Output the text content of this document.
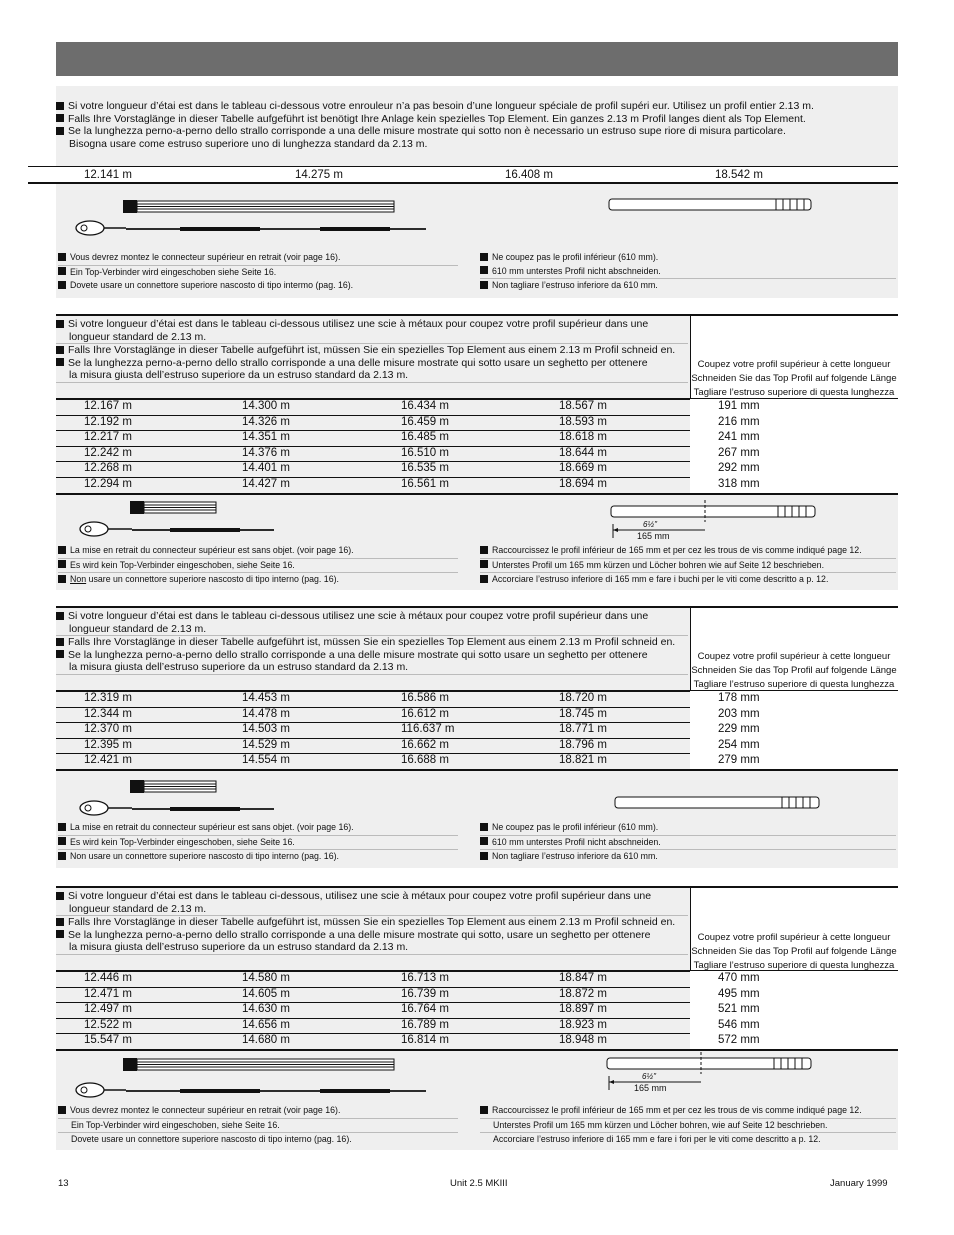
Si votre longueur d’étai est dans le tableau ci-dessous votre enrouleur n’a pas besoin d’une longueur spéciale de profil supéri eur. Utilisez un profil entier 2.13 m.
Falls Ihre Vorstaglänge in dieser Tabelle aufgeführt ist benötigt Ihre Anlage kein spezielles Top Element. Ein ganzes 2.13 m Profil langes dient als Top Element.
Se la lunghezza perno-a-perno dello strallo corrisponde a una delle misure mostrate qui sotto non è necessario un estruso supe riore di misura particolare.
Bisogna usare come estruso superiore uno di lunghezza standard da 2.13 m.
12.141 m	14.275 m	16.408 m	18.542 m
Vous devrez montez le connecteur supérieur en retrait (voir page 16).
Ein Top-Verbinder wird eingeschoben siehe Seite 16.
Dovete usare un connettore superiore nascosto di tipo intermo (pag. 16).
Ne coupez pas le profil inférieur (610 mm).
610 mm unterstes Profil nicht abschneiden.
Non tagliare l’estruso inferiore da 610 mm.
Si votre longueur d’étai est dans le tableau ci-dessous utilisez une scie à métaux pour coupez votre profil supérieur dans une
longueur standard de 2.13 m.
Falls Ihre Vorstaglänge in dieser Tabelle aufgeführt ist, müssen Sie ein spezielles Top Element aus einem 2.13 m Profil schneid en.
Se la lunghezza perno-a-perno dello strallo corrisponde a una delle misure mostrate qui sotto usare un seghetto per ottenere
la misura giusta dell’estruso superiore da un estruso standard da 2.13 m.
Coupez votre profil supérieur à cette longueur
Schneiden Sie das Top Profil auf folgende Länge
Tagliare l’estruso superiore di questa lunghezza
12.167 m	14.300 m	16.434 m	18.567 m	191 mm
12.192 m	14.326 m	16.459 m	18.593 m	216 mm
12.217 m	14.351 m	16.485 m	18.618 m	241 mm
12.242 m	14.376 m	16.510 m	18.644 m	267 mm
12.268 m	14.401 m	16.535 m	18.669 m	292 mm
12.294 m	14.427 m	16.561 m	18.694 m	318 mm
6½"
165 mm
La mise en retrait du connecteur supérieur est sans objet. (voir page 16).
Es wird kein Top-Verbinder eingeschoben, siehe Seite 16.
Non usare un connettore superiore nascosto di tipo interno (pag. 16).
Raccourcissez le profil inférieur de 165 mm et per cez les trous de vis comme indiqué page 12.
Unterstes Profil um 165 mm kürzen und Löcher bohren wie auf Seite 12 beschrieben.
Accorciare l’estruso inferiore di 165 mm e fare i buchi per le viti come descritto a p. 12.
Si votre longueur d’étai est dans le tableau ci-dessous utilisez une scie à métaux pour coupez votre profil supérieur dans une
longueur standard de 2.13 m.
Falls Ihre Vorstaglänge in dieser Tabelle aufgeführt ist, müssen Sie ein spezielles Top Element aus einem 2.13 m Profil schneid en.
Se la lunghezza perno-a-perno dello strallo corrisponde a una delle misure mostrate qui sotto usare un seghetto per ottenere
la misura giusta dell’estruso superiore da un estruso standard da 2.13 m.
Coupez votre profil supérieur à cette longueur
Schneiden Sie das Top Profil auf folgende Länge
Tagliare l’estruso superiore di questa lunghezza
12.319 m	14.453 m	16.586 m	18.720 m	178 mm
12.344 m	14.478 m	16.612 m	18.745 m	203 mm
12.370 m	14.503 m	116.637 m	18.771 m	229 mm
12.395 m	14.529 m	16.662 m	18.796 m	254 mm
12.421 m	14.554 m	16.688 m	18.821 m	279 mm
La mise en retrait du connecteur supérieur est sans objet. (voir page 16).
Es wird kein Top-Verbinder eingeschoben, siehe Seite 16.
Non usare un connettore superiore nascosto di tipo interno (pag. 16).
Ne coupez pas le profil inférieur (610 mm).
610 mm unterstes Profil nicht abschneiden.
Non tagliare l’estruso inferiore da 610 mm.
Si votre longueur d’étai est dans le tableau ci-dessous, utilisez une scie à métaux pour coupez votre profil supérieur dans une
longueur standard de 2.13 m.
Falls Ihre Vorstaglänge in dieser Tabelle aufgeführt ist, müssen Sie ein spezielles Top Element aus einem 2.13 m Profil schneid en.
Se la lunghezza perno-a-perno dello strallo corrisponde a una delle misure mostrate qui sotto, usare un seghetto per ottenere
la misura giusta dell’estruso superiore da un estruso standard da 2.13 m.
Coupez votre profil supérieur à cette longueur
Schneiden Sie das Top Profil auf folgende Länge
Tagliare l’estruso superiore di questa lunghezza
12.446 m	14.580 m	16.713 m	18.847 m	470 mm
12.471 m	14.605 m	16.739 m	18.872 m	495 mm
12.497 m	14.630 m	16.764 m	18.897 m	521 mm
12.522 m	14.656 m	16.789 m	18.923 m	546 mm
15.547 m	14.680 m	16.814 m	18.948 m	572 mm
6½"
165 mm
Vous devrez montez le connecteur supérieur en retrait (voir page 16).
Ein Top-Verbinder wird eingeschoben, siehe Seite 16.
Dovete usare un connettore superiore nascosto di tipo interno (pag. 16).
Raccourcissez le profil inférieur de 165 mm et per cez les trous de vis comme indiqué page 12.
Unterstes Profil um 165 mm kürzen und Löcher bohren, wie auf Seite 12 beschrieben.
Accorciare l’estruso inferiore di 165 mm e fare i fori per le viti come descritto a p. 12.
13	Unit 2.5 MKIII	January 1999
